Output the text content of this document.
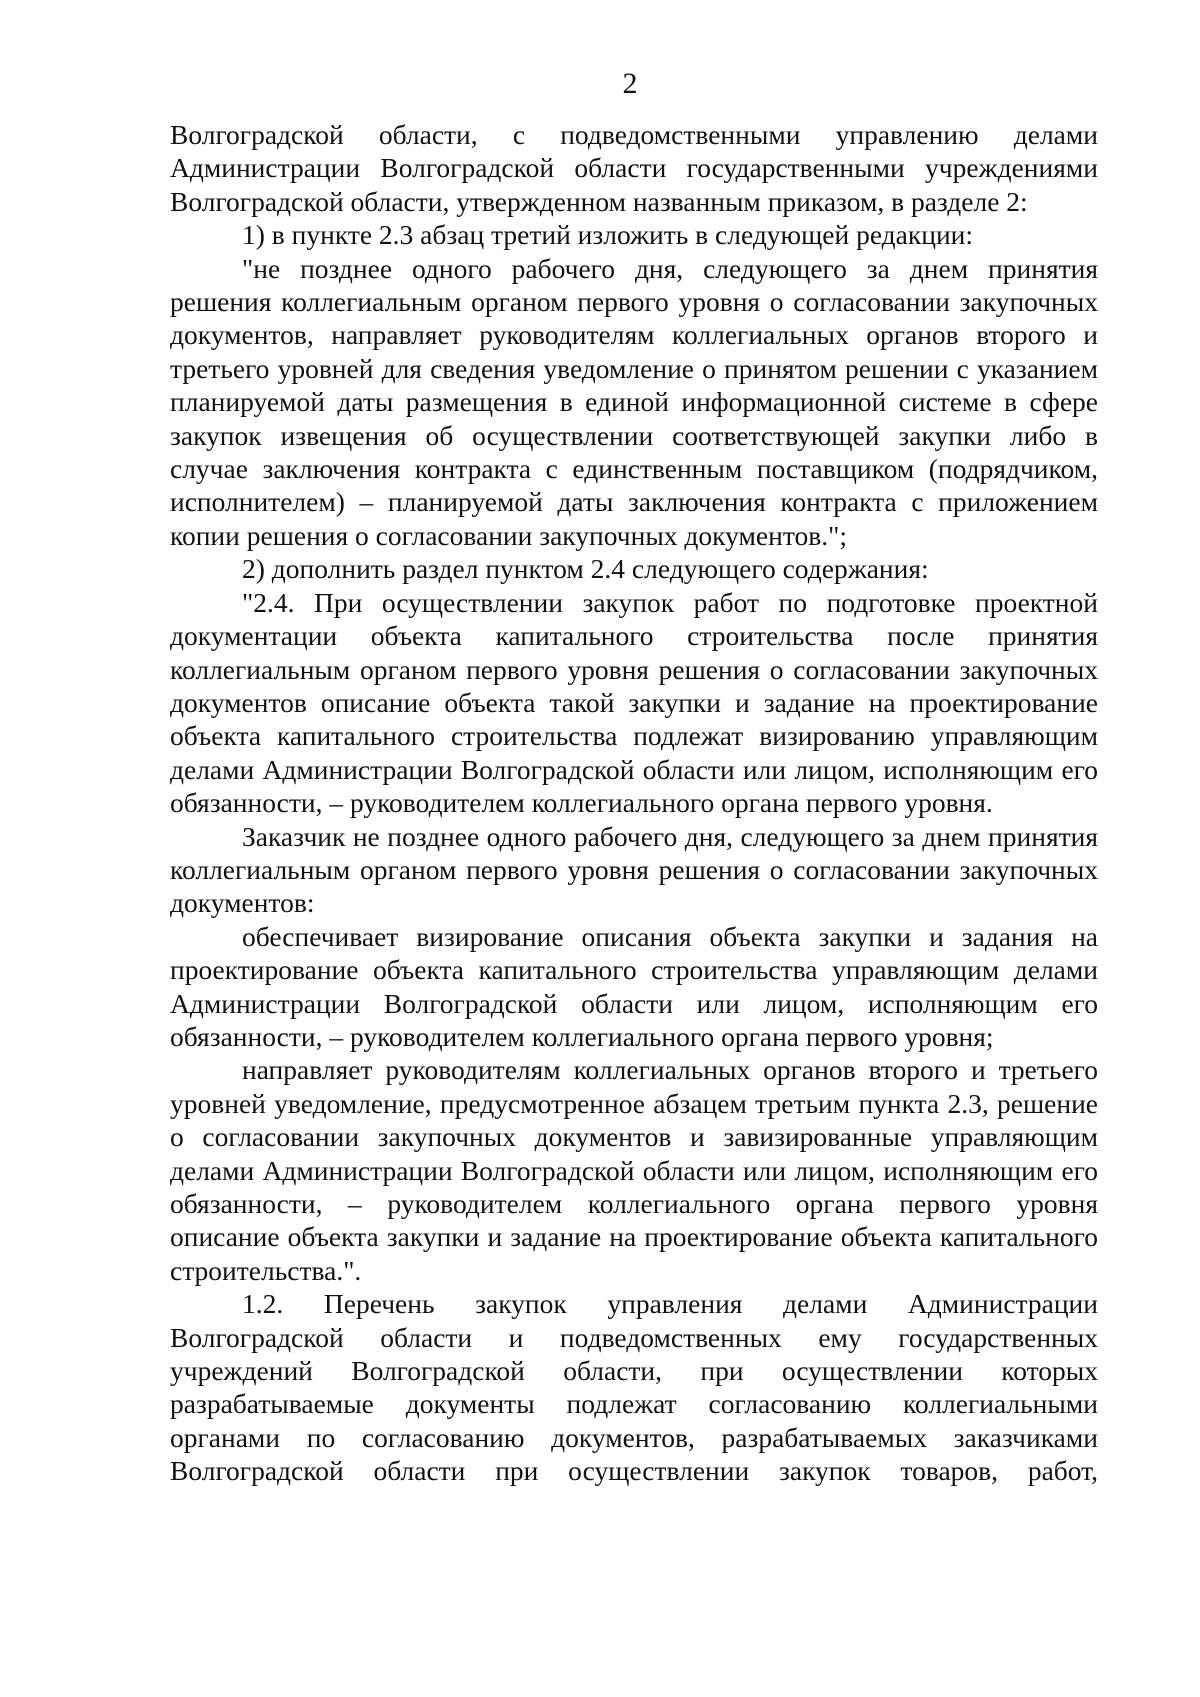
2

Волгоградской области, с подведомственными управлению делами Администрации Волгоградской области государственными учреждениями Волгоградской области, утвержденном названным приказом, в разделе 2:

1) в пункте 2.3 абзац третий изложить в следующей редакции:

"не позднее одного рабочего дня, следующего за днем принятия решения коллегиальным органом первого уровня о согласовании закупочных документов, направляет руководителям коллегиальных органов второго и третьего уровней для сведения уведомление о принятом решении с указанием планируемой даты размещения в единой информационной системе в сфере закупок извещения об осуществлении соответствующей закупки либо в случае заключения контракта с единственным поставщиком (подрядчиком, исполнителем) – планируемой даты заключения контракта с приложением копии решения о согласовании закупочных документов.";

2) дополнить раздел пунктом 2.4 следующего содержания:

"2.4. При осуществлении закупок работ по подготовке проектной документации объекта капитального строительства после принятия коллегиальным органом первого уровня решения о согласовании закупочных документов описание объекта такой закупки и задание на проектирование объекта капитального строительства подлежат визированию управляющим делами Администрации Волгоградской области или лицом, исполняющим его обязанности, – руководителем коллегиального органа первого уровня.

Заказчик не позднее одного рабочего дня, следующего за днем принятия коллегиальным органом первого уровня решения о согласовании закупочных документов:

обеспечивает визирование описания объекта закупки и задания на проектирование объекта капитального строительства управляющим делами Администрации Волгоградской области или лицом, исполняющим его обязанности, – руководителем коллегиального органа первого уровня;

направляет руководителям коллегиальных органов второго и третьего уровней уведомление, предусмотренное абзацем третьим пункта 2.3, решение о согласовании закупочных документов и завизированные управляющим делами Администрации Волгоградской области или лицом, исполняющим его обязанности, – руководителем коллегиального органа первого уровня описание объекта закупки и задание на проектирование объекта капитального строительства.".

1.2. Перечень закупок управления делами Администрации Волгоградской области и подведомственных ему государственных учреждений Волгоградской области, при осуществлении которых разрабатываемые документы подлежат согласованию коллегиальными органами по согласованию документов, разрабатываемых заказчиками Волгоградской области при осуществлении закупок товаров, работ,
